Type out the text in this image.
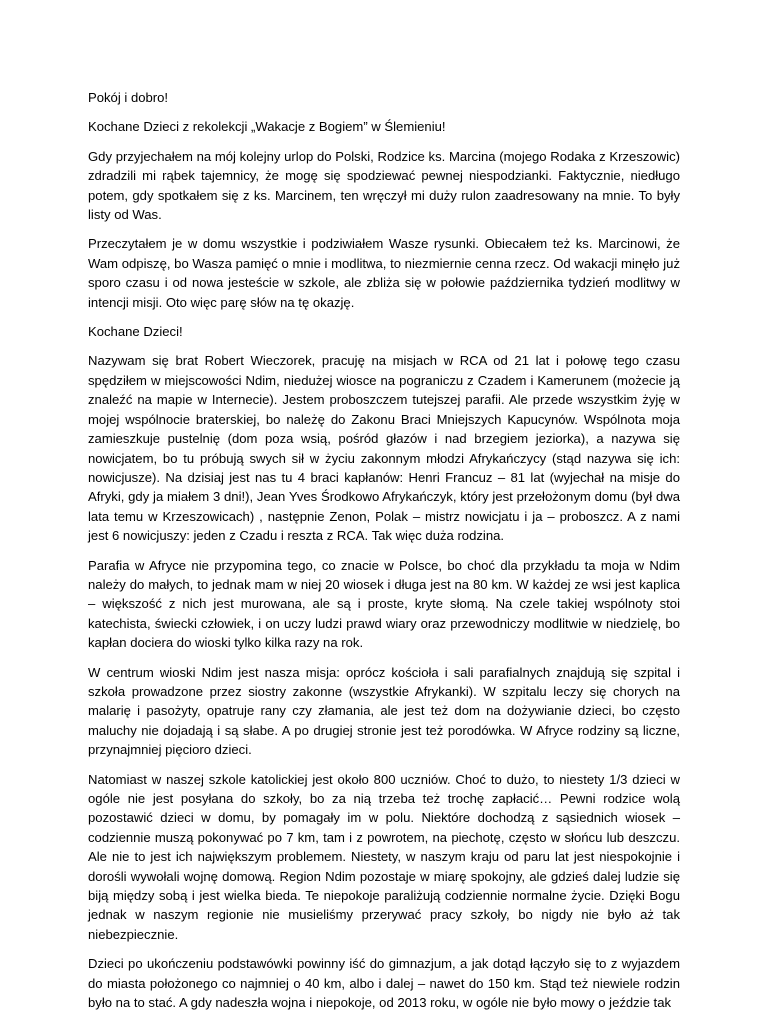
Pokój i dobro!

Kochane Dzieci z rekolekcji „Wakacje z Bogiem” w Ślemieniu!

Gdy przyjechałem na mój kolejny urlop do Polski, Rodzice ks. Marcina (mojego Rodaka z Krzeszowic) zdradzili mi rąbek tajemnicy, że mogę się spodziewać pewnej niespodzianki. Faktycznie, niedługo potem, gdy spotkałem się z ks. Marcinem, ten wręczył mi duży rulon zaadresowany na mnie. To były listy od Was.

Przeczytałem je w domu wszystkie i podziwiałem Wasze rysunki. Obiecałem też ks. Marcinowi, że Wam odpiszę, bo Wasza pamięć o mnie i modlitwa, to niezmiernie cenna rzecz. Od wakacji minęło już sporo czasu i od nowa jesteście w szkole, ale zbliża się w połowie października tydzień modlitwy w intencji misji. Oto więc parę słów na tę okazję.

Kochane Dzieci!

Nazywam się brat Robert Wieczorek, pracuję na misjach w RCA od 21 lat i połowę tego czasu spędziłem w miejscowości Ndim, niedużej wiosce na pograniczu z Czadem i Kamerunem (możecie ją znaleźć na mapie w Internecie). Jestem proboszczem tutejszej parafii. Ale przede wszystkim żyję w mojej wspólnocie braterskiej, bo należę do Zakonu Braci Mniejszych Kapucynów. Wspólnota moja zamieszkuje pustelnię (dom poza wsią, pośród głazów i nad brzegiem jeziorka), a nazywa się nowicjatem, bo tu próbują swych sił w życiu zakonnym młodzi Afrykańczycy (stąd nazywa się ich: nowicjusze). Na dzisiaj jest nas tu 4 braci kapłanów: Henri Francuz – 81 lat (wyjechał na misje do Afryki, gdy ja miałem 3 dni!), Jean Yves Środkowo Afrykańczyk, który jest przełożonym domu (był dwa lata temu w Krzeszowicach) , następnie Zenon, Polak – mistrz nowicjatu i ja – proboszcz. A z nami jest 6 nowicjuszy: jeden z Czadu i reszta z RCA. Tak więc duża rodzina.

Parafia w Afryce nie przypomina tego, co znacie w Polsce, bo choć dla przykładu ta moja w Ndim należy do małych, to jednak mam w niej 20 wiosek i długa jest na 80 km. W każdej ze wsi jest kaplica – większość z nich jest murowana, ale są i proste, kryte słomą. Na czele takiej wspólnoty stoi katechista, świecki człowiek, i on uczy ludzi prawd wiary oraz przewodniczy modlitwie w niedzielę, bo kapłan dociera do wioski tylko kilka razy na rok.

W centrum wioski Ndim jest nasza misja: oprócz kościoła i sali parafialnych znajdują się szpital i szkoła prowadzone przez siostry zakonne (wszystkie Afrykanki). W szpitalu leczy się chorych na malarię i pasożyty, opatruje rany czy złamania, ale jest też dom na dożywianie dzieci, bo często maluchy nie dojadają i są słabe. A po drugiej stronie jest też porodówka. W Afryce rodziny są liczne, przynajmniej pięcioro dzieci.

Natomiast w naszej szkole katolickiej jest około 800 uczniów. Choć to dużo, to niestety 1/3 dzieci w ogóle nie jest posyłana do szkoły, bo za nią trzeba też trochę zapłacić… Pewni rodzice wolą pozostawić dzieci w domu, by pomagały im w polu. Niektóre dochodzą z sąsiednich wiosek – codziennie muszą pokonywać po 7 km, tam i z powrotem, na piechotę, często w słońcu lub deszczu. Ale nie to jest ich największym problemem. Niestety, w naszym kraju od paru lat jest niespokojnie i dorośli wywołali wojnę domową. Region Ndim pozostaje w miarę spokojny, ale gdzieś dalej ludzie się biją między sobą i jest wielka bieda. Te niepokoje paraliżują codziennie normalne życie. Dzięki Bogu jednak w naszym regionie nie musieliśmy przerywać pracy szkoły, bo nigdy nie było aż tak niebezpiecznie.

Dzieci po ukończeniu podstawówki powinny iść do gimnazjum, a jak dotąd łączyło się to z wyjazdem do miasta położonego co najmniej o 40 km, albo i dalej – nawet do 150 km. Stąd też niewiele rodzin było na to stać. A gdy nadeszła wojna i niepokoje, od 2013 roku, w ogóle nie było mowy o jeździe tak
